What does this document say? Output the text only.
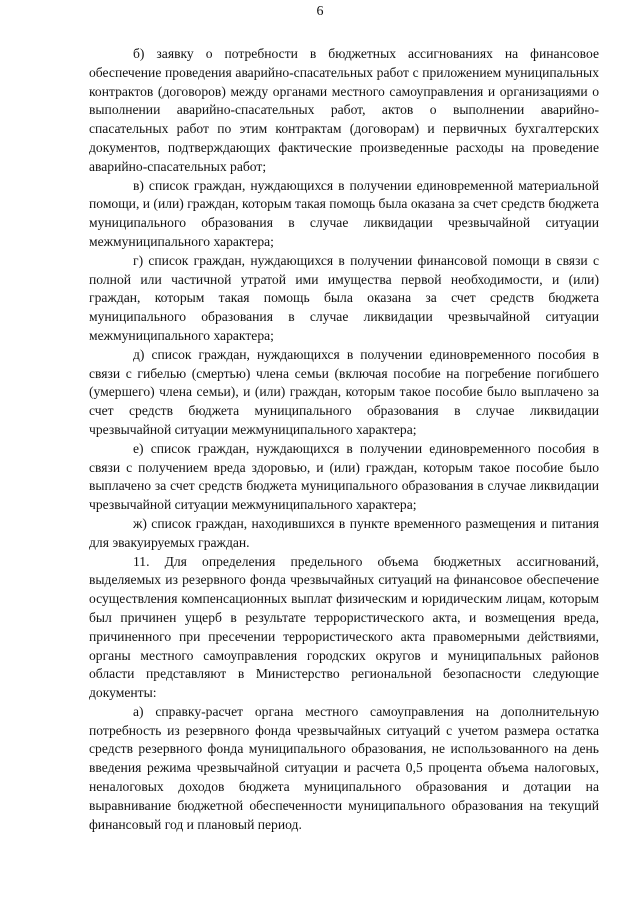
6

б) заявку о потребности в бюджетных ассигнованиях на финансовое обеспечение проведения аварийно-спасательных работ с приложением муниципальных контрактов (договоров) между органами местного самоуправления и организациями о выполнении аварийно-спасательных работ, актов о выполнении аварийно-спасательных работ по этим контрактам (договорам) и первичных бухгалтерских документов, подтверждающих фактические произведенные расходы на проведение аварийно-спасательных работ;

в) список граждан, нуждающихся в получении единовременной материальной помощи, и (или) граждан, которым такая помощь была оказана за счет средств бюджета муниципального образования в случае ликвидации чрезвычайной ситуации межмуниципального характера;

г) список граждан, нуждающихся в получении финансовой помощи в связи с полной или частичной утратой ими имущества первой необходимости, и (или) граждан, которым такая помощь была оказана за счет средств бюджета муниципального образования в случае ликвидации чрезвычайной ситуации межмуниципального характера;

д) список граждан, нуждающихся в получении единовременного пособия в связи с гибелью (смертью) члена семьи (включая пособие на погребение погибшего (умершего) члена семьи), и (или) граждан, которым такое пособие было выплачено за счет средств бюджета муниципального образования в случае ликвидации чрезвычайной ситуации межмуниципального характера;

е) список граждан, нуждающихся в получении единовременного пособия в связи с получением вреда здоровью, и (или) граждан, которым такое пособие было выплачено за счет средств бюджета муниципального образования в случае ликвидации чрезвычайной ситуации межмуниципального характера;

ж) список граждан, находившихся в пункте временного размещения и питания для эвакуируемых граждан.

11. Для определения предельного объема бюджетных ассигнований, выделяемых из резервного фонда чрезвычайных ситуаций на финансовое обеспечение осуществления компенсационных выплат физическим и юридическим лицам, которым был причинен ущерб в результате террористического акта, и возмещения вреда, причиненного при пресечении террористического акта правомерными действиями, органы местного самоуправления городских округов и муниципальных районов области представляют в Министерство региональной безопасности следующие документы:

а) справку-расчет органа местного самоуправления на дополнительную потребность из резервного фонда чрезвычайных ситуаций с учетом размера остатка средств резервного фонда муниципального образования, не использованного на день введения режима чрезвычайной ситуации и расчета 0,5 процента объема налоговых, неналоговых доходов бюджета муниципального образования и дотации на выравнивание бюджетной обеспеченности муниципального образования на текущий финансовый год и плановый период.
